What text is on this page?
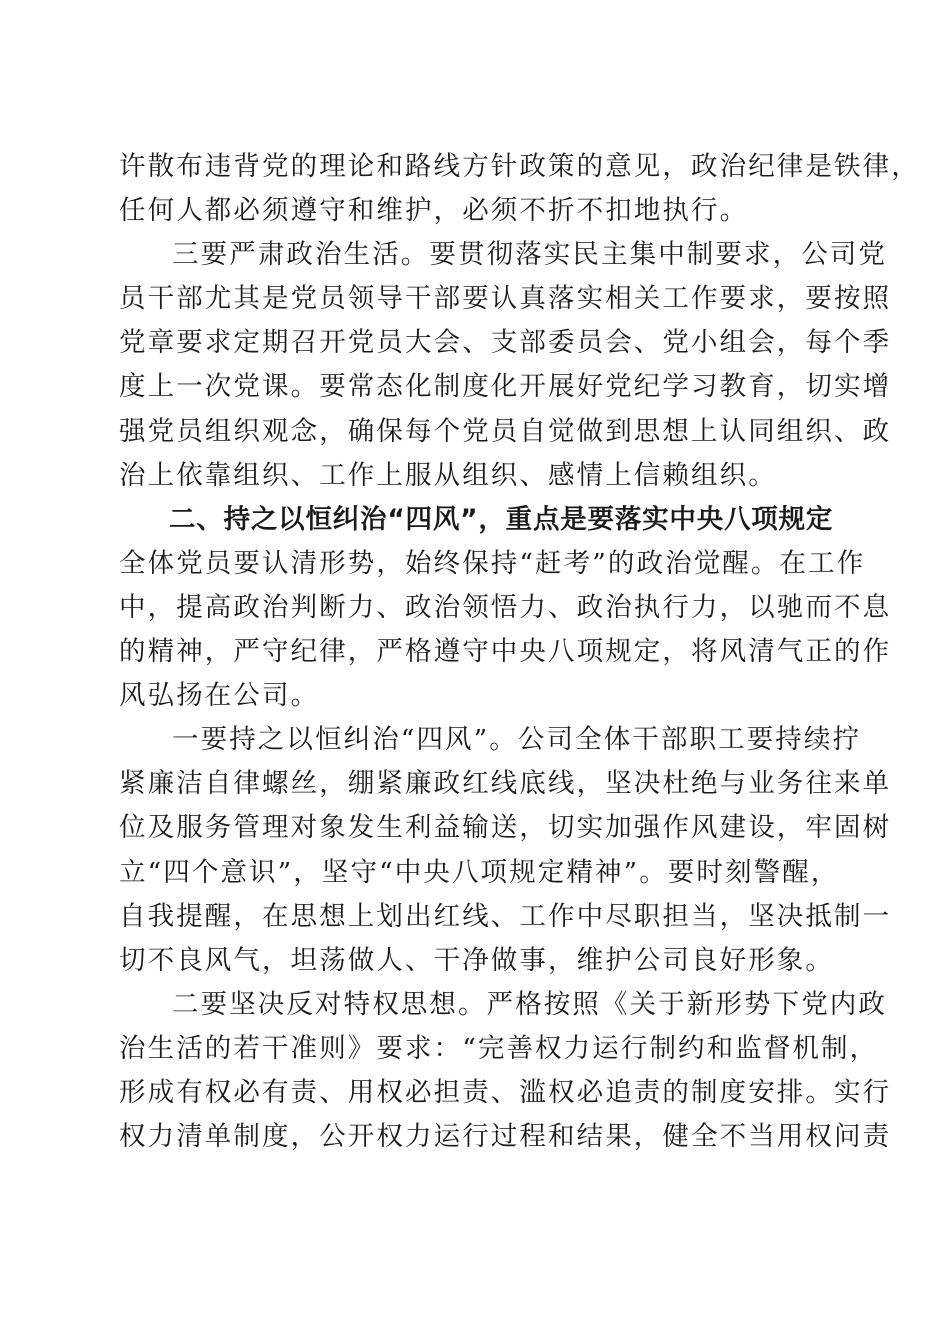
许散布违背党的理论和路线方针政策的意见，政治纪律是铁律，
任何人都必须遵守和维护，必须不折不扣地执行。
三要严肃政治生活。要贯彻落实民主集中制要求，公司党
员干部尤其是党员领导干部要认真落实相关工作要求，要按照
党章要求定期召开党员大会、支部委员会、党小组会，每个季
度上一次党课。要常态化制度化开展好党纪学习教育，切实增
强党员组织观念，确保每个党员自觉做到思想上认同组织、政
治上依靠组织、工作上服从组织、感情上信赖组织。
二、持之以恒纠治“四风”，重点是要落实中央八项规定
全体党员要认清形势，始终保持“赶考”的政治觉醒。在工作
中，提高政治判断力、政治领悟力、政治执行力，以驰而不息
的精神，严守纪律，严格遵守中央八项规定，将风清气正的作
风弘扬在公司。
一要持之以恒纠治“四风”。公司全体干部职工要持续拧
紧廉洁自律螺丝，绷紧廉政红线底线，坚决杜绝与业务往来单
位及服务管理对象发生利益输送，切实加强作风建设，牢固树
立“四个意识”，坚守“中央八项规定精神”。要时刻警醒，
自我提醒，在思想上划出红线、工作中尽职担当，坚决抵制一
切不良风气，坦荡做人、干净做事，维护公司良好形象。
二要坚决反对特权思想。严格按照《关于新形势下党内政
治生活的若干准则》要求：“完善权力运行制约和监督机制，
形成有权必有责、用权必担责、滥权必追责的制度安排。实行
权力清单制度，公开权力运行过程和结果，健全不当用权问责
